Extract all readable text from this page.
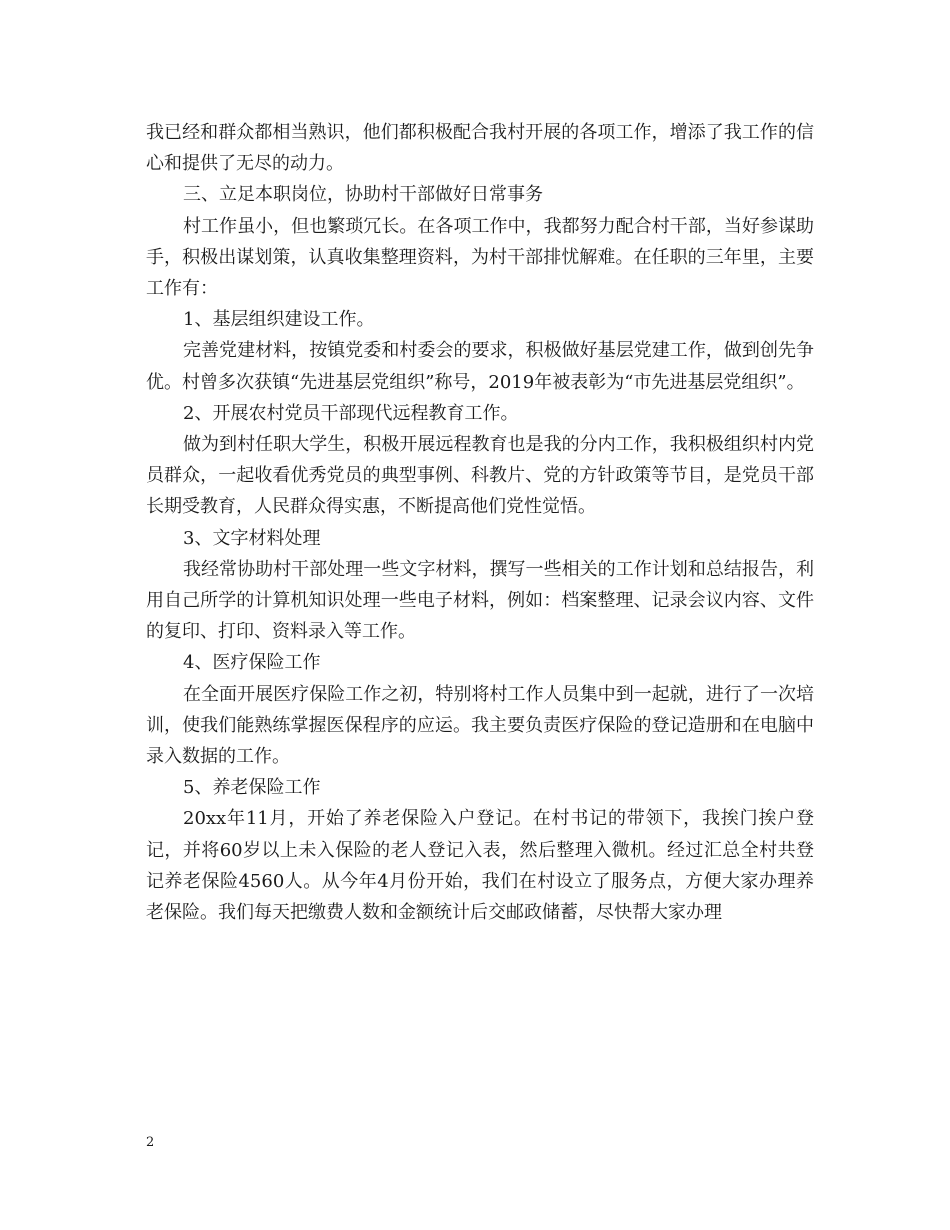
我已经和群众都相当熟识，他们都积极配合我村开展的各项工作，增添了我工作的信心和提供了无尽的动力。

三、立足本职岗位，协助村干部做好日常事务

村工作虽小，但也繁琐冗长。在各项工作中，我都努力配合村干部，当好参谋助手，积极出谋划策，认真收集整理资料，为村干部排忧解难。在任职的三年里，主要工作有：

1、基层组织建设工作。

完善党建材料，按镇党委和村委会的要求，积极做好基层党建工作，做到创先争优。村曾多次获镇“先进基层党组织”称号，2019年被表彰为“市先进基层党组织”。

2、开展农村党员干部现代远程教育工作。

做为到村任职大学生，积极开展远程教育也是我的分内工作，我积极组织村内党员群众，一起收看优秀党员的典型事例、科教片、党的方针政策等节目，是党员干部长期受教育，人民群众得实惠，不断提高他们党性觉悟。

3、文字材料处理

我经常协助村干部处理一些文字材料，撰写一些相关的工作计划和总结报告，利用自己所学的计算机知识处理一些电子材料，例如：档案整理、记录会议内容、文件的复印、打印、资料录入等工作。

4、医疗保险工作

在全面开展医疗保险工作之初，特别将村工作人员集中到一起就，进行了一次培训，使我们能熟练掌握医保程序的应运。我主要负责医疗保险的登记造册和在电脑中录入数据的工作。

5、养老保险工作

20xx年11月，开始了养老保险入户登记。在村书记的带领下，我挨门挨户登记，并将60岁以上未入保险的老人登记入表，然后整理入微机。经过汇总全村共登记养老保险4560人。从今年4月份开始，我们在村设立了服务点，方便大家办理养老保险。我们每天把缴费人数和金额统计后交邮政储蓄，尽快帮大家办理

2
